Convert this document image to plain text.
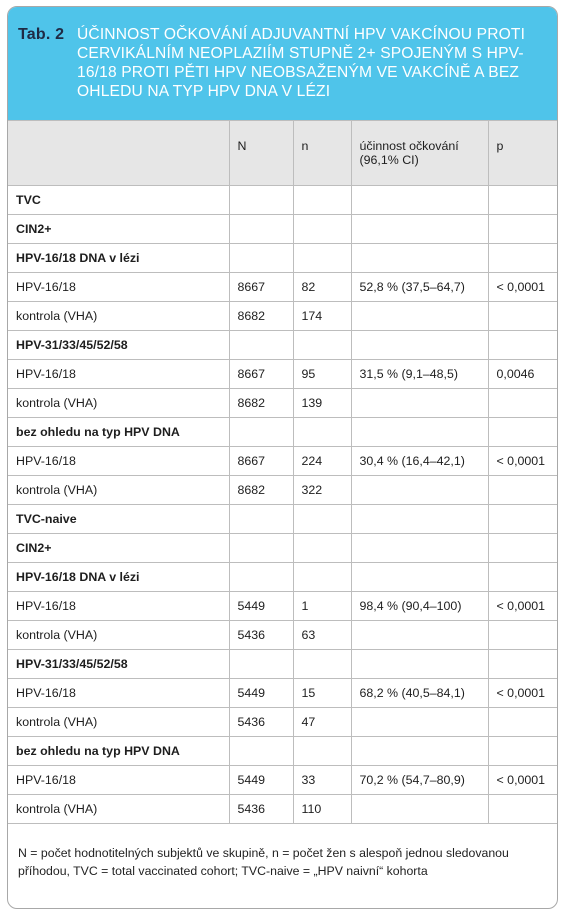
Tab. 2 ÚČINNOST OČKOVÁNÍ ADJUVANTNÍ HPV VAKCÍNOU PROTI CERVIKÁLNÍM NEOPLAZIÍM STUPNĚ 2+ SPOJENÝM S HPV-16/18 PROTI PĚTI HPV NEOBSAŽENÝM VE VAKCÍNĚ A BEZ OHLEDU NA TYP HPV DNA V LÉZI
	N	n	účinnost očkování (96,1% CI)	p
TVC				
CIN2+				
HPV-16/18 DNA v lézi				
HPV-16/18	8667	82	52,8 % (37,5–64,7)	< 0,0001
kontrola (VHA)	8682	174		
HPV-31/33/45/52/58				
HPV-16/18	8667	95	31,5 % (9,1–48,5)	0,0046
kontrola (VHA)	8682	139		
bez ohledu na typ HPV DNA				
HPV-16/18	8667	224	30,4 % (16,4–42,1)	< 0,0001
kontrola (VHA)	8682	322		
TVC-naive				
CIN2+				
HPV-16/18 DNA v lézi				
HPV-16/18	5449	1	98,4 % (90,4–100)	< 0,0001
kontrola (VHA)	5436	63		
HPV-31/33/45/52/58				
HPV-16/18	5449	15	68,2 % (40,5–84,1)	< 0,0001
kontrola (VHA)	5436	47		
bez ohledu na typ HPV DNA				
HPV-16/18	5449	33	70,2 % (54,7–80,9)	< 0,0001
kontrola (VHA)	5436	110		
N = počet hodnotitelných subjektů ve skupině, n = počet žen s alespoň jednou sledovanou příhodou, TVC = total vaccinated cohort; TVC-naive = „HPV naivní“ kohorta
